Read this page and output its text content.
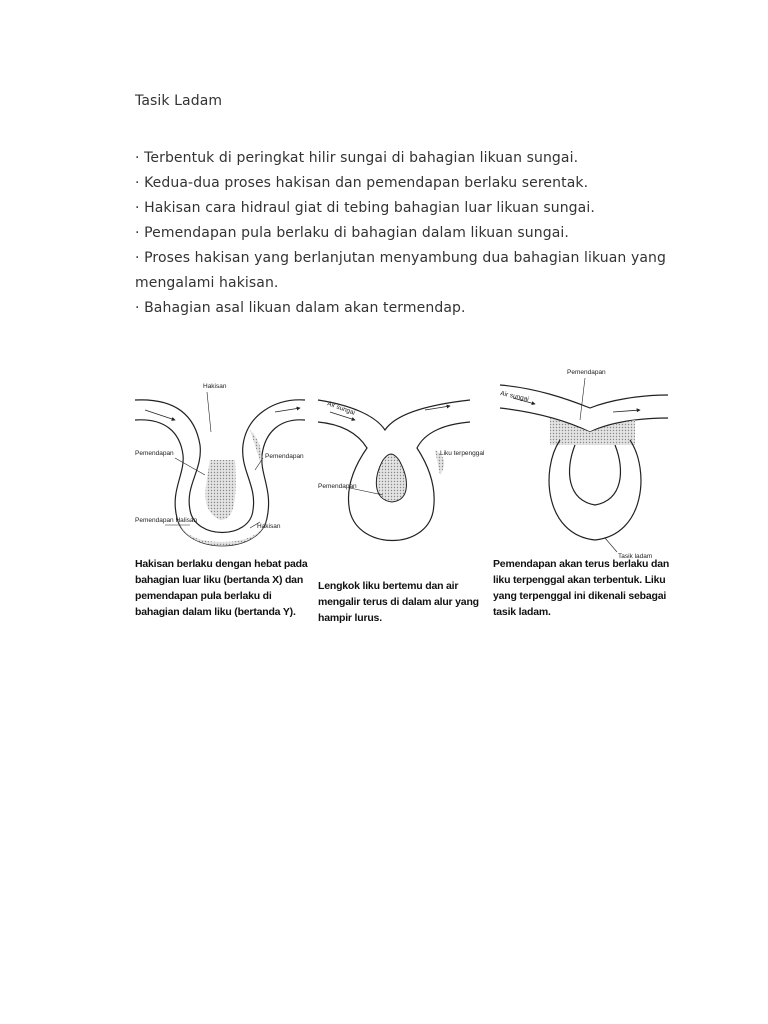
Tasik Ladam
· Terbentuk di peringkat hilir sungai di bahagian likuan sungai.
· Kedua-dua proses hakisan dan pemendapan berlaku serentak.
· Hakisan cara hidraul giat di tebing bahagian luar likuan sungai.
· Pemendapan pula berlaku di bahagian dalam likuan sungai.
· Proses hakisan yang berlanjutan menyambung dua bahagian likuan yang mengalami hakisan.
· Bahagian asal likuan dalam akan termendap.
Hakisan
Pemendapan	Pemendapan
Pemendapan Halisan
Hakisan
Air sungai
Liku terpenggal
Pemendapan
Pemendapan
Air sungai
Tasik ladam
Hakisan berlaku dengan hebat pada bahagian luar liku (bertanda X) dan pemendapan pula berlaku di bahagian dalam liku (bertanda Y).
Lengkok liku bertemu dan air mengalir terus di dalam alur yang hampir lurus.
Pemendapan akan terus berlaku dan liku terpenggal akan terbentuk. Liku yang terpenggal ini dikenali sebagai tasik ladam.
